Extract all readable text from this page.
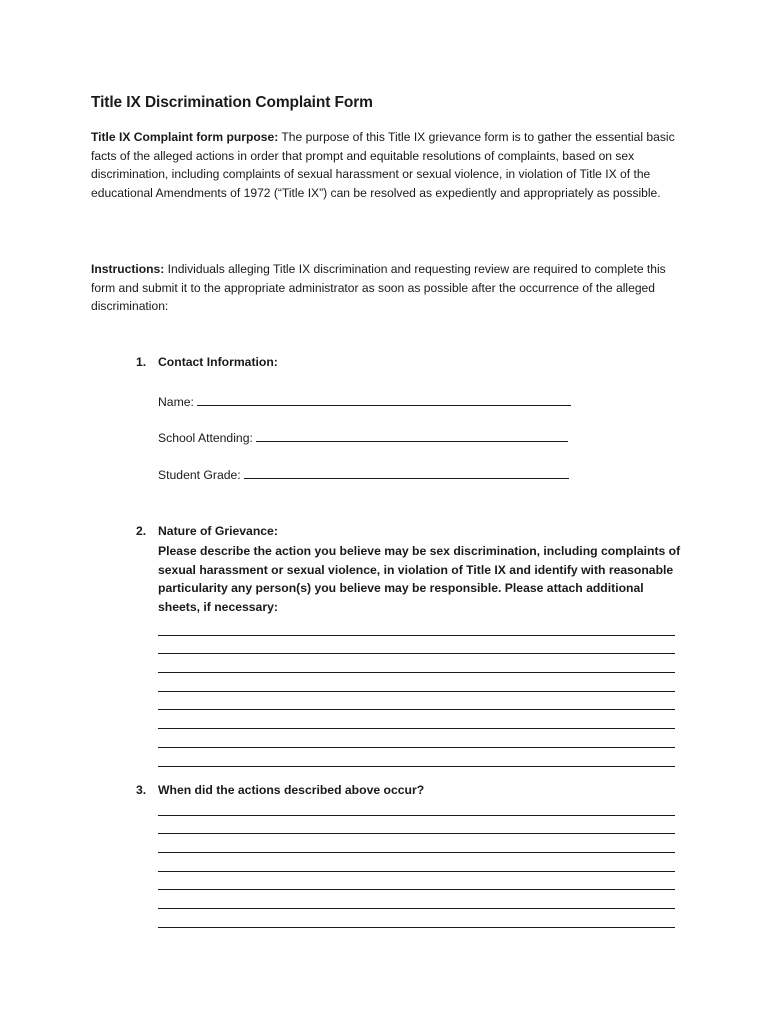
Title IX Discrimination Complaint Form
Title IX Complaint form purpose: The purpose of this Title IX grievance form is to gather the essential basic facts of the alleged actions in order that prompt and equitable resolutions of complaints, based on sex discrimination, including complaints of sexual harassment or sexual violence, in violation of Title IX of the educational Amendments of 1972 (“Title IX”) can be resolved as expediently and appropriately as possible.
Instructions: Individuals alleging Title IX discrimination and requesting review are required to complete this form and submit it to the appropriate administrator as soon as possible after the occurrence of the alleged discrimination:
1. Contact Information:
Name:
School Attending:
Student Grade:
2. Nature of Grievance:
Please describe the action you believe may be sex discrimination, including complaints of sexual harassment or sexual violence, in violation of Title IX and identify with reasonable particularity any person(s) you believe may be responsible. Please attach additional sheets, if necessary:
3. When did the actions described above occur?
